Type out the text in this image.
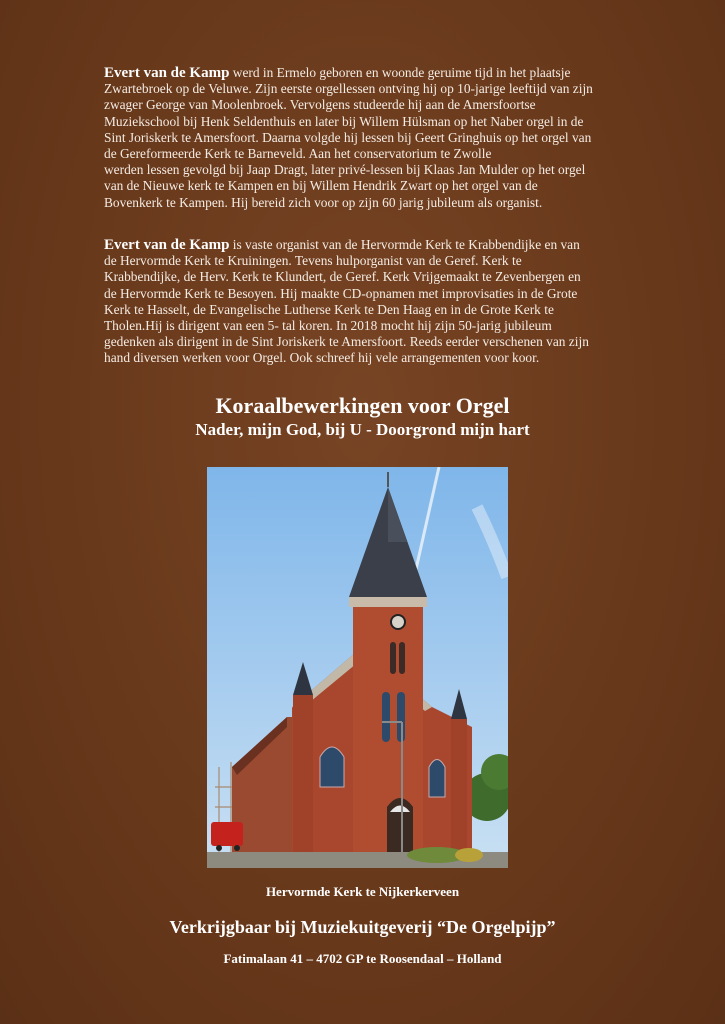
Evert van de Kamp werd in Ermelo geboren en woonde geruime tijd in het plaatsje
Zwartebroek op de Veluwe. Zijn eerste orgellessen ontving hij op 10-jarige leeftijd van zijn
zwager George van Moolenbroek. Vervolgens studeerde hij aan de Amersfoortse
Muziekschool bij Henk Seldenthuis en later bij Willem Hülsman op het Naber orgel in de
Sint Joriskerk te Amersfoort. Daarna volgde hij lessen bij Geert Gringhuis op het orgel van
de Gereformeerde Kerk te Barneveld. Aan het conservatorium te Zwolle
werden lessen gevolgd bij Jaap Dragt, later privé-lessen bij Klaas Jan Mulder op het orgel
van de Nieuwe kerk te Kampen en bij Willem Hendrik Zwart op het orgel van de
Bovenkerk te Kampen. Hij bereid zich voor op zijn 60 jarig jubileum als organist.
Evert van de Kamp is vaste organist van de Hervormde Kerk te Krabbendijke en van
de Hervormde Kerk te Kruiningen. Tevens hulporganist van de Geref. Kerk te
Krabbendijke, de Herv. Kerk te Klundert, de Geref. Kerk Vrijgemaakt te Zevenbergen en
de Hervormde Kerk te Besoyen. Hij maakte CD-opnamen met improvisaties in de Grote
Kerk te Hasselt, de Evangelische Lutherse Kerk te Den Haag en in de Grote Kerk te
Tholen.Hij is dirigent van een 5- tal koren. In 2018 mocht hij zijn 50-jarig jubileum
gedenken als dirigent in de Sint Joriskerk te Amersfoort. Reeds eerder verschenen van zijn
hand diversen werken voor Orgel. Ook schreef hij vele arrangementen voor koor.
Koraalbewerkingen voor Orgel
Nader, mijn God, bij U - Doorgrond mijn hart
Hervormde Kerk te Nijkerkerveen
Verkrijgbaar bij Muziekuitgeverij “De Orgelpijp”
Fatimalaan 41 – 4702 GP te Roosendaal – Holland
